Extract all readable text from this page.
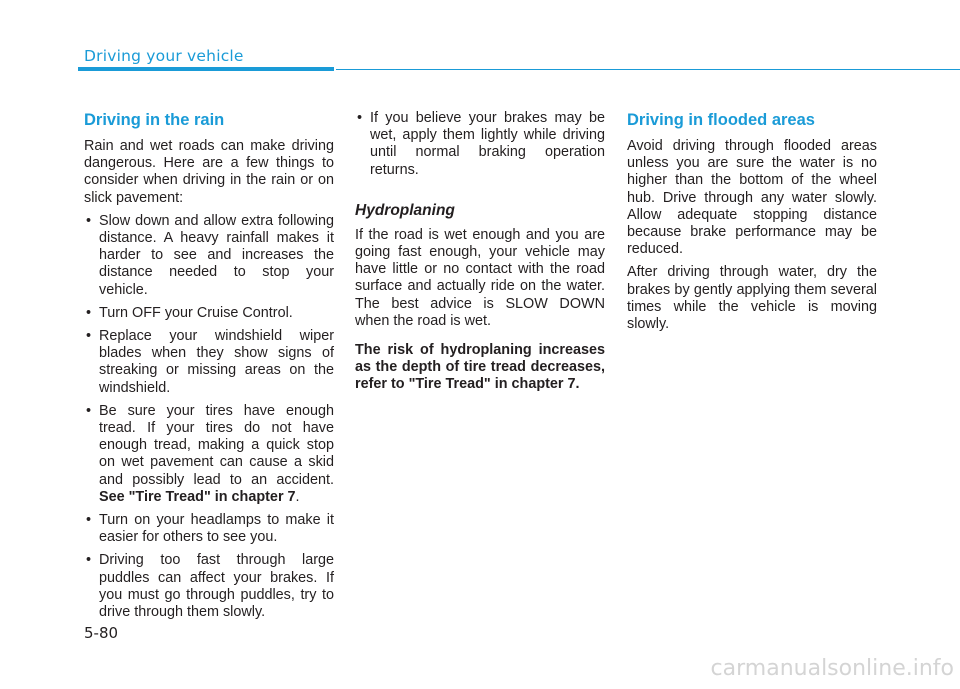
Driving your vehicle
Driving in the rain

Rain and wet roads can make driving dangerous. Here are a few things to consider when driving in the rain or on slick pavement:

• Slow down and allow extra following distance. A heavy rainfall makes it harder to see and increases the distance needed to stop your vehicle.
• Turn OFF your Cruise Control.
• Replace your windshield wiper blades when they show signs of streaking or missing areas on the windshield.
• Be sure your tires have enough tread. If your tires do not have enough tread, making a quick stop on wet pavement can cause a skid and possibly lead to an accident. See "Tire Tread" in chapter 7.
• Turn on your headlamps to make it easier for others to see you.
• Driving too fast through large puddles can affect your brakes. If you must go through puddles, try to drive through them slowly.
• If you believe your brakes may be wet, apply them lightly while driving until normal braking operation returns.
Hydroplaning

If the road is wet enough and you are going fast enough, your vehicle may have little or no contact with the road surface and actually ride on the water. The best advice is SLOW DOWN when the road is wet.

The risk of hydroplaning increases as the depth of tire tread decreases, refer to "Tire Tread" in chapter 7.

Driving in flooded areas

Avoid driving through flooded areas unless you are sure the water is no higher than the bottom of the wheel hub. Drive through any water slowly. Allow adequate stopping distance because brake performance may be reduced.

After driving through water, dry the brakes by gently applying them several times while the vehicle is moving slowly.

5-80
carmanualsonline.info
